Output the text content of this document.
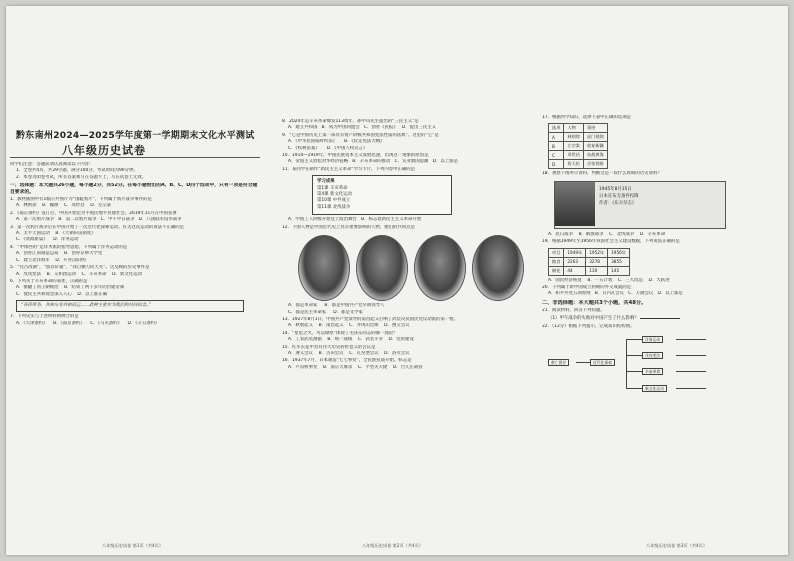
黔东南州2024—2025学年度第一学期期末文化水平测试
八年级历史试卷
同学们注意：答题前请认真阅读以下内容：
1．全卷共4页，共29小题，满分100分，考试时间为90分钟。
2．本卷为闭卷考试，所有答案须写在答题卡上，写在试卷上无效。
一、选择题：本大题共26小题，每小题2分，共52分。在每小题给出的A、B、C、D四个选项中，只有一项是符合题目要求的。
1．教材插图中有1幅公共图片为“国耻鸦片”，下列属于鸦片战争事件的是
A．林则徐 B．魏源 C．邓世昌 D．左宗棠
2．《南京条约》签订后，中国开始沦为半殖民地半封建社会。2019年11月在中国签署
A．第一次鸦片战争 B．第二次鸦片战争 C．甲午中日战争 D．八国联军侵华战争
3．第一次鸦片战争后在中国开始了一次近代化探索运动。有关这次运动的说法不正确的是
A．太平天国运动 B．《天朝田亩制度》
C．《资政新篇》 D．洋务运动
4．“中体西用”是洋务派的指导思想，下列属于洋务运动的是
A．创办江南制造总局 B．创办京师大学堂
C．建立北洋海军 D．开办汉阳铁厂
5．“托古改制”，“血荐轩辕”，“我自横刀向天笑”。这反映的历史事件是
A．戊戌变法 B．义和团运动 C．辛亥革命 D．新文化运动
6．下列关于辛亥革命的表述，正确的是
A．推翻了清王朝统治 B．结束了两千多年的封建帝制
C．使民主共和观念深入人心 D．以上都正确
“吾侪所争，共和与非共和而已……此种主张实为我们的共同信念。”
7．下列史实与上述材料相吻合的是
A．《天津条约》 B．《南京条约》 C．《马关条约》 D．《辛丑条约》
八年级历史试卷 第1页（共4页）
8．2024年是辛亥革命爆发113周年，孙中山先生提出的“三民主义”是
A．建立共和国 B．成为中国同盟会 C．创办《民报》 D．提出三民主义
9．“它是中国历史上第一部具有资产阶级共和国宪法性质的法典”。这里的“它”是
A．《中华民国临时约法》 B．《钦定宪法大纲》
C．《权利法案》 D．《中国人权宣言》
10．1914—1919年，中国民族资本主义发展迅速，出现这一现象的原因是
A．帝国主义放松对华经济侵略 B．辛亥革命的推动 C．实业救国思潮 D．以上都是
11．某同学在制作“新民主主义革命”学习卡片，下列内容中正确的是
学习成果
第1课 辛亥革命
第4课 新文化运动
第10课 中共成立
第11课 北伐战争
A．中国工人阶级开始登上政治舞台 B．标志着新民主主义革命开始
12．下图人物是中国近代史上具有重要影响的人物，他们的共同点是
A．都是革命家 B．都是中国共产党早期领导人
C．都是民主革命家 D．都是文学家
13．1927年8月1日，中国共产党领导的南昌起义打响了武装反抗国民党反动派的第一枪。
A．秋收起义 B．南昌起义 C．井冈山会师 D．遵义会议
14．“星星之火，可以燎原”体现了毛泽东同志的哪一理论？
A．工农武装割据 B．统一战线 C．武装斗争 D．党的建设
15．红军长征中具有伟大历史转折意义的会议是
A．遵义会议 B．古田会议 C．瓦窑堡会议 D．洛川会议
16．1937年7月，日本制造“七七事变”，全民族抗战开始。标志是
A．卢沟桥事变 B．南京大屠杀 C．平型关大捷 D．台儿庄战役
八年级历史试卷 第2页（共4页）
17．根据所学知识，选择下表中正确的选项是
选项	人物	事迹
A	林则徐	虎门销烟
B	左宗棠	收复新疆
C	邓世昌	血战黄海
D	詹天佑	京张铁路
18．观察下图所示资料，判断这是一段什么时期的历史资料？
1945年8月15日
日本宣布无条件投降
作者：《东方杂志》
A．抗日战争 B．解放战争 C．北伐战争 D．辛亥革命
19．根据1949年至1956年我国社会主义建设数据，下列说法正确的是
项目	1949年	1952年	1956年
粮食	2263	3278	3855
棉花	44	130	145
A．国民经济恢复 B．一五计划 C．三大改造 D．大跃进
20．下列属于新中国成立初期的外交成就的是
A．和平共处五项原则 B．日内瓦会议 C．万隆会议 D．以上都是
二、非选择题：本大题共3个小题，共48分。
21．阅读材料，回答下列问题。
（1）甲午战争的失败对中国产生了什么影响？
22．（12分）根据下列提示，完成知识结构图。
救亡图存	近代化探索
洋务运动
戊戌变法
辛亥革命
新文化运动
八年级历史试卷 第3页（共4页）
